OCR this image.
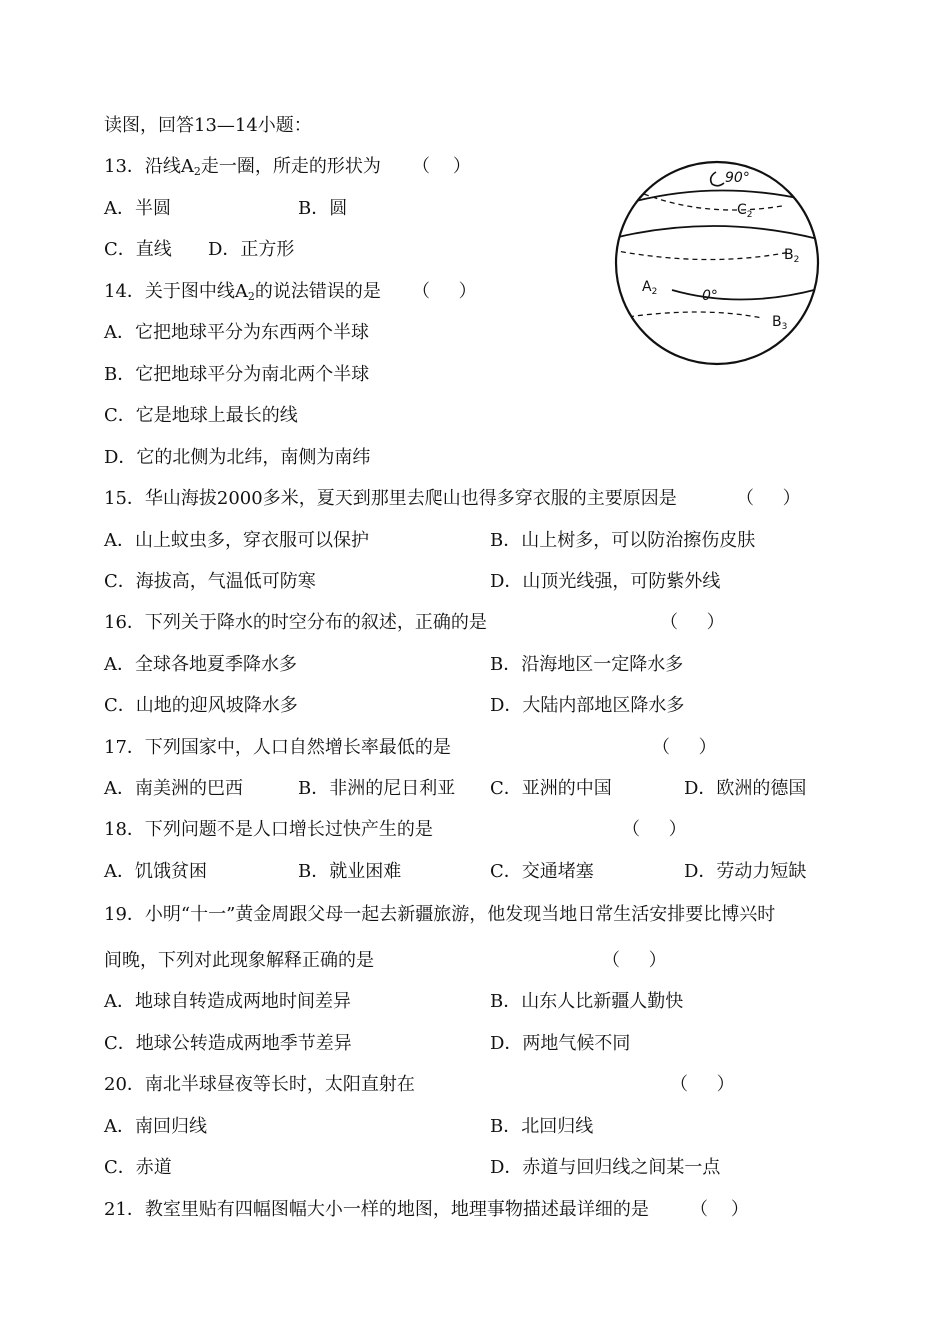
读图，回答13—14小题：
13．沿线$A_2$走一圈，所走的形状为 （    ）
A．半圆	B．圆
C．直线 D．正方形
14．关于图中线$A_2$的说法错误的是 （     ）
A．它把地球平分为东西两个半球
B．它把地球平分为南北两个半球
C．它是地球上最长的线
D．它的北侧为北纬，南侧为南纬
15．华山海拔2000多米，夏天到那里去爬山也得多穿衣服的主要原因是	（     ）
A．山上蚊虫多，穿衣服可以保护	B．山上树多，可以防治擦伤皮肤
C．海拔高，气温低可防寒	D．山顶光线强，可防紫外线
16．下列关于降水的时空分布的叙述，正确的是	（     ）
A．全球各地夏季降水多	B．沿海地区一定降水多
C．山地的迎风坡降水多	D．大陆内部地区降水多
17．下列国家中，人口自然增长率最低的是	（     ）
A．南美洲的巴西	B．非洲的尼日利亚 C．亚洲的中国	D．欧洲的德国
18．下列问题不是人口增长过快产生的是	（     ）
A．饥饿贫困	B．就业困难	C．交通堵塞	D．劳动力短缺
19．小明“十一”黄金周跟父母一起去新疆旅游，他发现当地日常生活安排要比博兴时
间晚，下列对此现象解释正确的是	（     ）
A．地球自转造成两地时间差异	B．山东人比新疆人勤快
C．地球公转造成两地季节差异	D．两地气候不同
20．南北半球昼夜等长时，太阳直射在	（     ）
A．南回归线	B．北回归线
C．赤道	D．赤道与回归线之间某一点
21．教室里贴有四幅图幅大小一样的地图，地理事物描述最详细的是 （    ）
90°
$C_2$
$B_2$
$A_2$	0°
$B_3$
